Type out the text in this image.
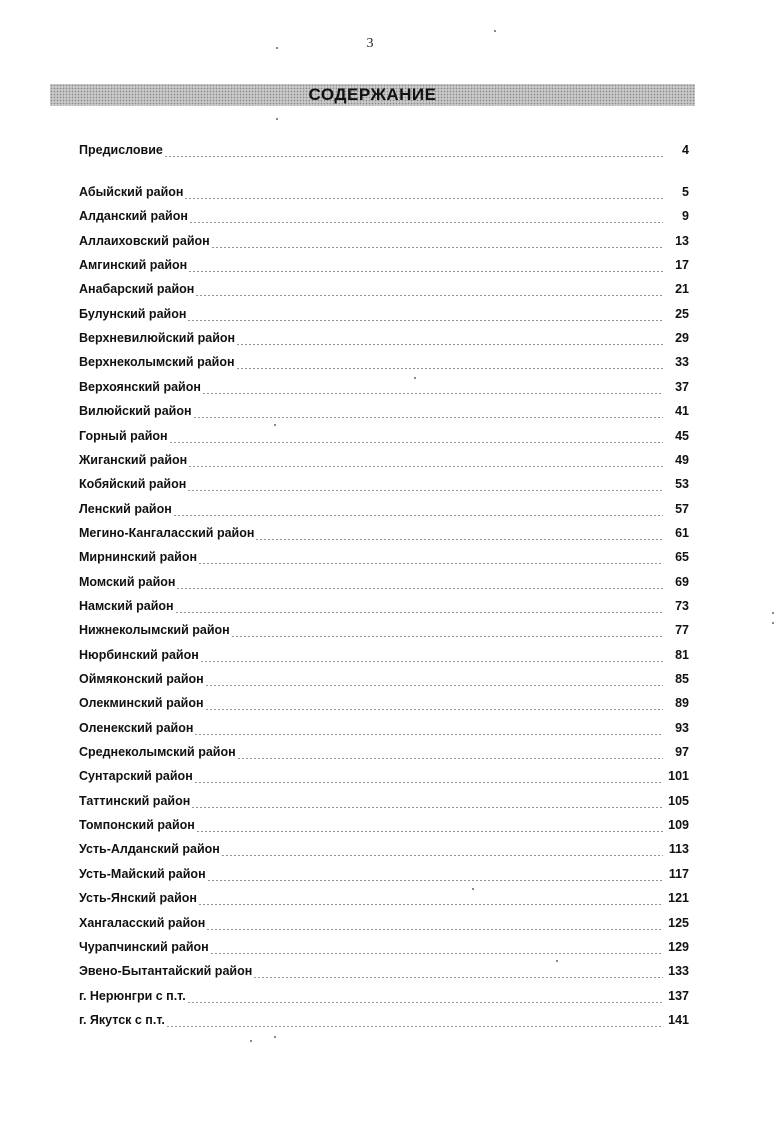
3
СОДЕРЖАНИЕ
Предисловие	4
Абыйский район	5
Алданский район	9
Аллаиховский район	13
Амгинский район	17
Анабарский район	21
Булунский район	25
Верхневилюйский район	29
Верхнеколымский район	33
Верхоянский район	37
Вилюйский район	41
Горный район	45
Жиганский район	49
Кобяйский район	53
Ленский район	57
Мегино-Кангаласский район	61
Мирнинский район	65
Момский район	69
Намский район	73
Нижнеколымский район	77
Нюрбинский район	81
Оймяконский район	85
Олекминский район	89
Оленекский район	93
Среднеколымский район	97
Сунтарский район	101
Таттинский район	105
Томпонский район	109
Усть-Алданский район	113
Усть-Майский район	117
Усть-Янский район	121
Хангаласский район	125
Чурапчинский район	129
Эвено-Бытантайский район	133
г. Нерюнгри с п.т.	137
г. Якутск с п.т.	141
